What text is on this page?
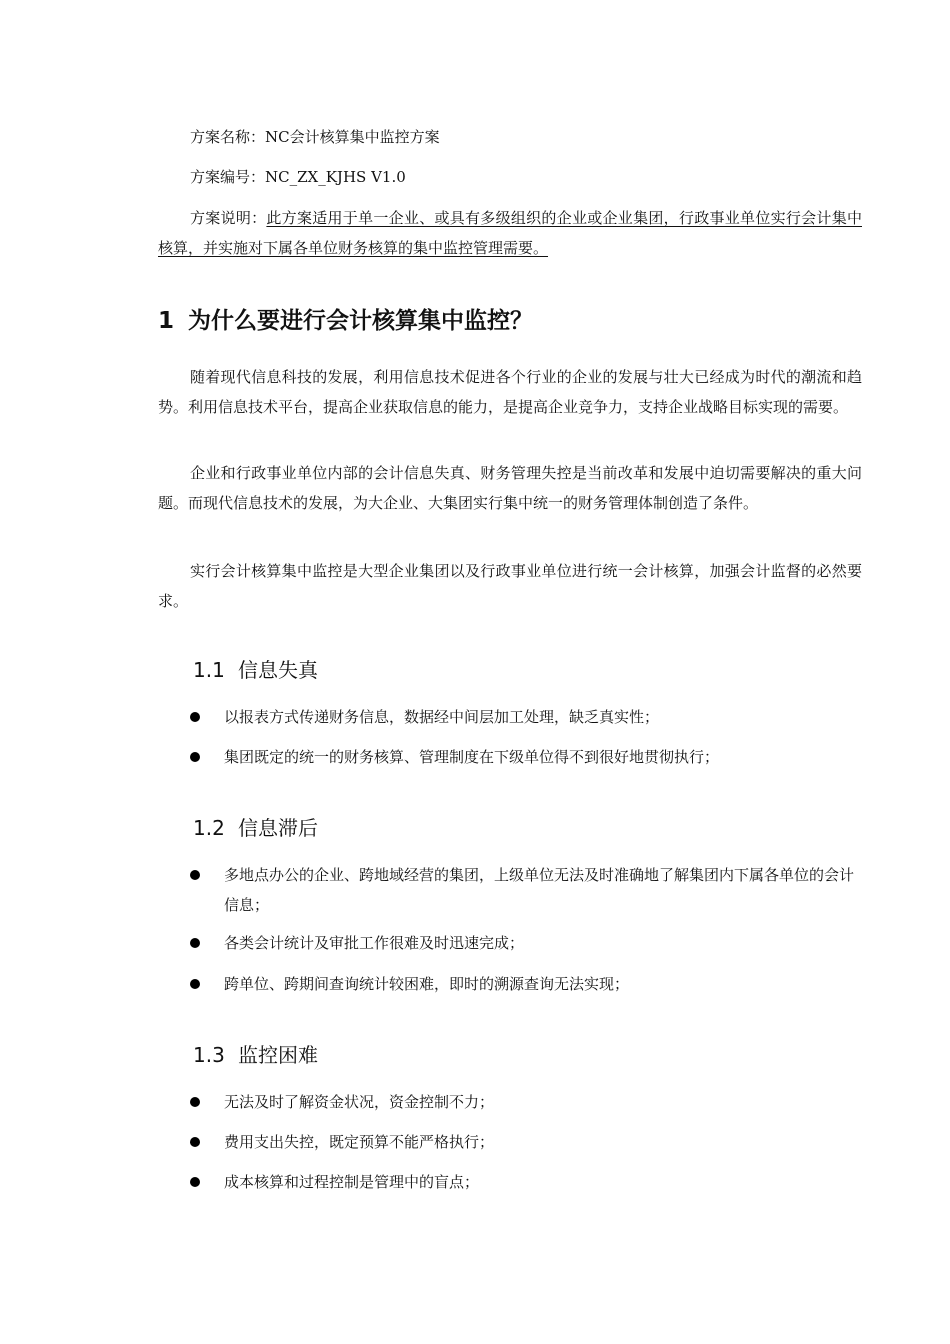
方案名称：NC会计核算集中监控方案
方案编号：NC_ZX_KJHS V1.0
方案说明：此方案适用于单一企业、或具有多级组织的企业或企业集团，行政事业单位实行会计集中核算，并实施对下属各单位财务核算的集中监控管理需要。
1 为什么要进行会计核算集中监控？
随着现代信息科技的发展，利用信息技术促进各个行业的企业的发展与壮大已经成为时代的潮流和趋势。利用信息技术平台，提高企业获取信息的能力，是提高企业竞争力，支持企业战略目标实现的需要。
企业和行政事业单位内部的会计信息失真、财务管理失控是当前改革和发展中迫切需要解决的重大问题。而现代信息技术的发展，为大企业、大集团实行集中统一的财务管理体制创造了条件。
实行会计核算集中监控是大型企业集团以及行政事业单位进行统一会计核算，加强会计监督的必然要求。
1.1 信息失真
以报表方式传递财务信息，数据经中间层加工处理，缺乏真实性；
集团既定的统一的财务核算、管理制度在下级单位得不到很好地贯彻执行；
1.2 信息滞后
多地点办公的企业、跨地域经营的集团，上级单位无法及时准确地了解集团内下属各单位的会计信息；
各类会计统计及审批工作很难及时迅速完成；
跨单位、跨期间查询统计较困难，即时的溯源查询无法实现；
1.3 监控困难
无法及时了解资金状况，资金控制不力；
费用支出失控，既定预算不能严格执行；
成本核算和过程控制是管理中的盲点；
